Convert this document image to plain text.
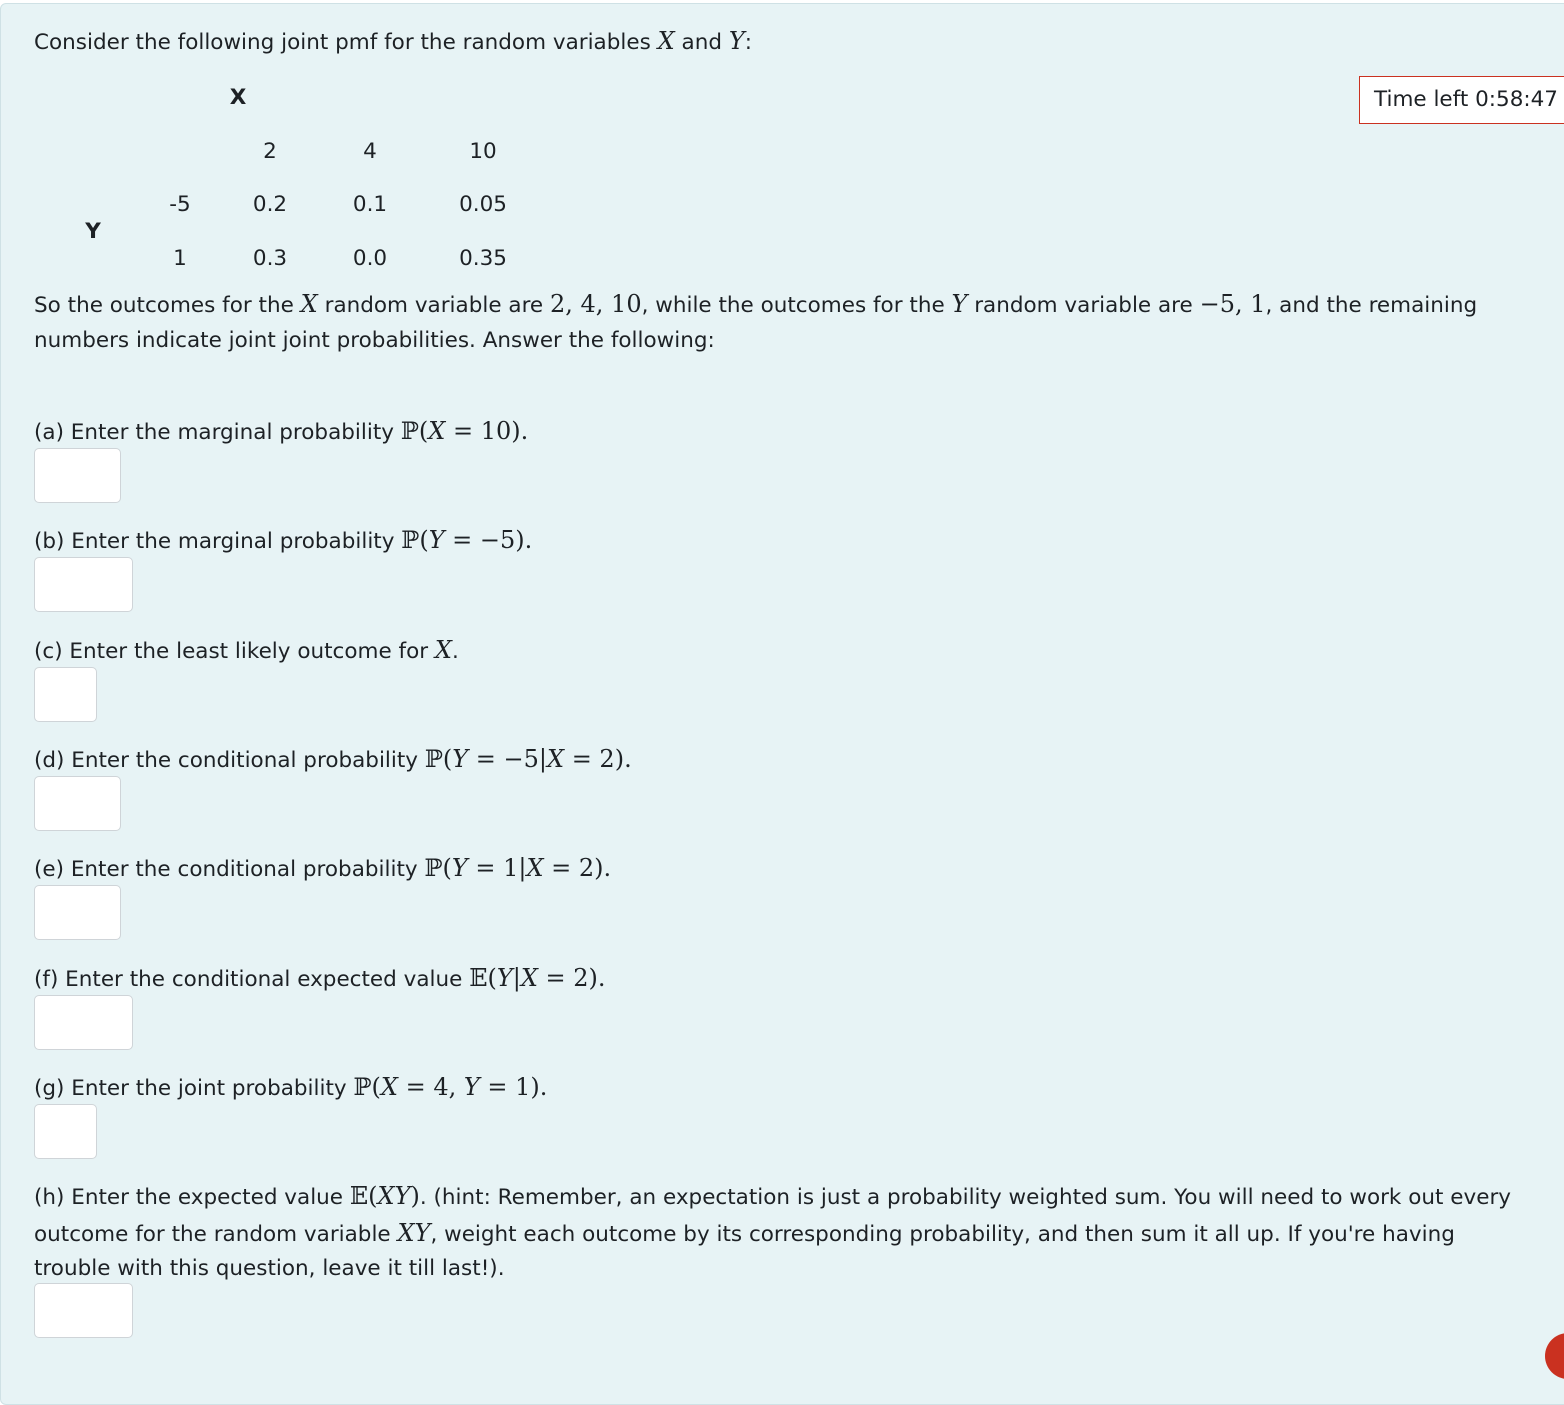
Consider the following joint pmf for the random variables X and Y:
Time left 0:58:47
X
2	4	10
Y
-5	0.2	0.1	0.05
1	0.3	0.0	0.35
So the outcomes for the X random variable are 2, 4, 10, while the outcomes for the Y random variable are −5, 1, and the remaining numbers indicate joint joint probabilities. Answer the following:
(a) Enter the marginal probability ℙ(X = 10).
(b) Enter the marginal probability ℙ(Y = −5).
(c) Enter the least likely outcome for X.
(d) Enter the conditional probability ℙ(Y = −5|X = 2).
(e) Enter the conditional probability ℙ(Y = 1|X = 2).
(f) Enter the conditional expected value 𝔼(Y|X = 2).
(g) Enter the joint probability ℙ(X = 4, Y = 1).
(h) Enter the expected value 𝔼(XY). (hint: Remember, an expectation is just a probability weighted sum. You will need to work out every outcome for the random variable XY, weight each outcome by its corresponding probability, and then sum it all up. If you're having trouble with this question, leave it till last!).
